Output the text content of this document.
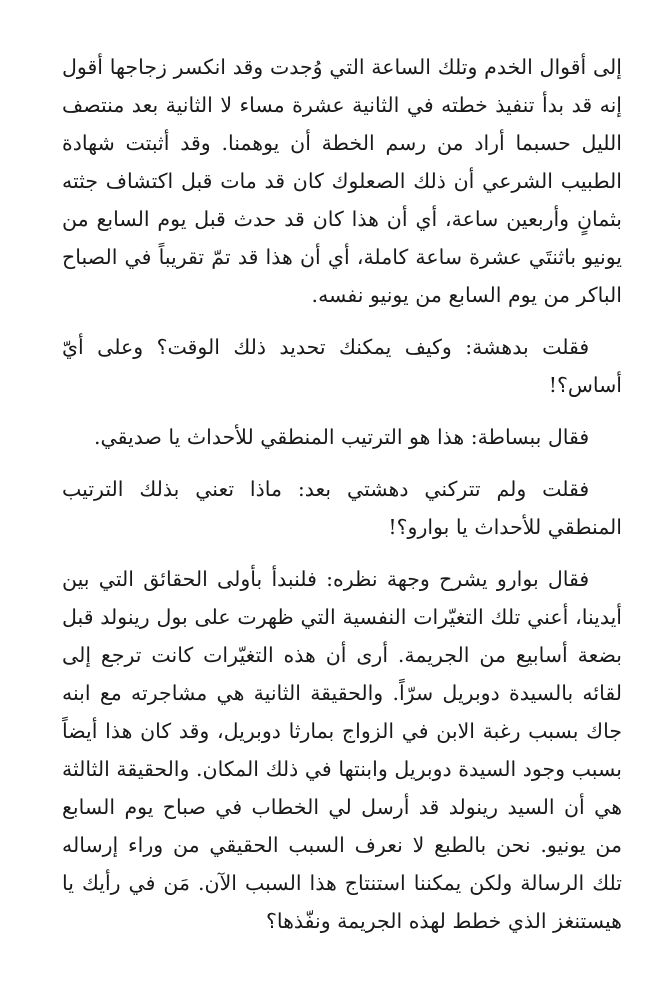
إلى أقوال الخدم وتلك الساعة التي وُجدت وقد انكسر زجاجها أقول إنه قد بدأ تنفيذ خطته في الثانية عشرة مساء لا الثانية بعد منتصف الليل حسبما أراد من رسم الخطة أن يوهمنا. وقد أثبتت شهادة الطبيب الشرعي أن ذلك الصعلوك كان قد مات قبل اكتشاف جثته بثمانٍ وأربعين ساعة، أي أن هذا كان قد حدث قبل يوم السابع من يونيو باثنتَي عشرة ساعة كاملة، أي أن هذا قد تمّ تقريباً في الصباح الباكر من يوم السابع من يونيو نفسه.

فقلت بدهشة: وكيف يمكنك تحديد ذلك الوقت؟ وعلى أيّ أساس؟!

فقال ببساطة: هذا هو الترتيب المنطقي للأحداث يا صديقي.

فقلت ولم تتركني دهشتي بعد: ماذا تعني بذلك الترتيب المنطقي للأحداث يا بوارو؟!

فقال بوارو يشرح وجهة نظره: فلنبدأ بأولى الحقائق التي بين أيدينا، أعني تلك التغيّرات النفسية التي ظهرت على بول رينولد قبل بضعة أسابيع من الجريمة. أرى أن هذه التغيّرات كانت ترجع إلى لقائه بالسيدة دوبريل سرّاً. والحقيقة الثانية هي مشاجرته مع ابنه جاك بسبب رغبة الابن في الزواج بمارثا دوبريل، وقد كان هذا أيضاً بسبب وجود السيدة دوبريل وابنتها في ذلك المكان. والحقيقة الثالثة هي أن السيد رينولد قد أرسل لي الخطاب في صباح يوم السابع من يونيو. نحن بالطبع لا نعرف السبب الحقيقي من وراء إرساله تلك الرسالة ولكن يمكننا استنتاج هذا السبب الآن. مَن في رأيك يا هيستنغز الذي خطط لهذه الجريمة ونفّذها؟
